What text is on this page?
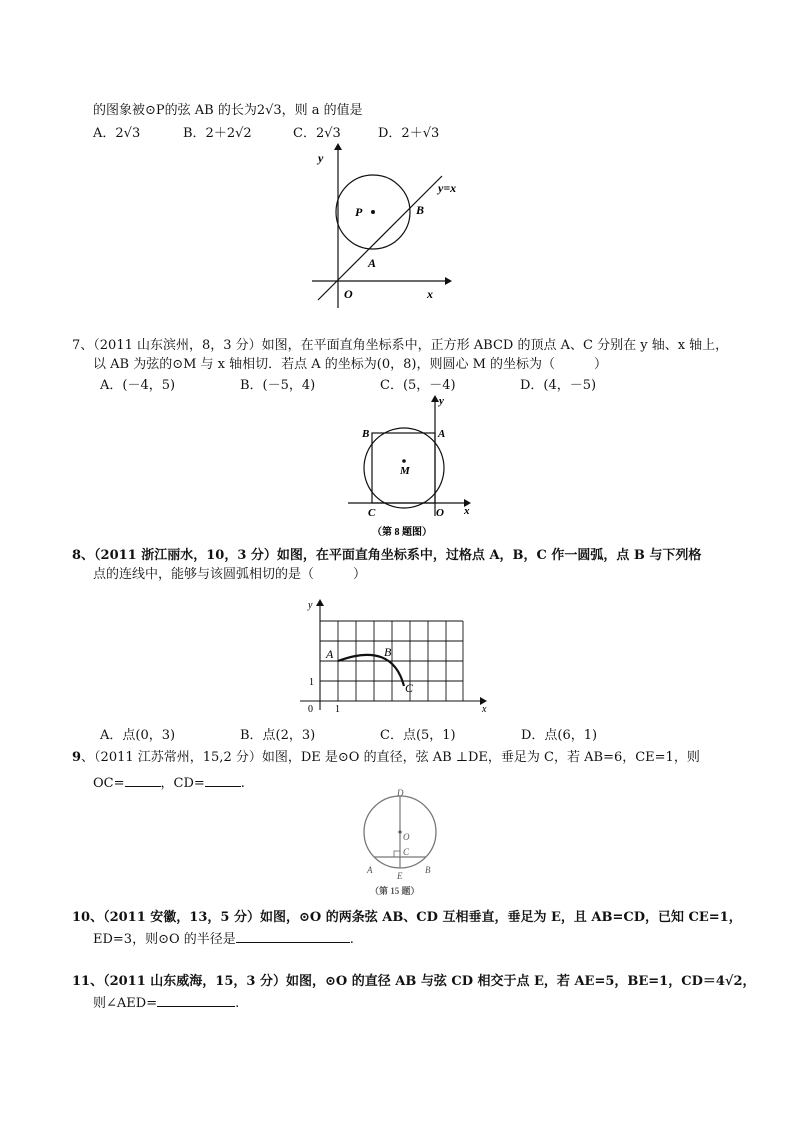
的图象被⊙P的弦 AB 的长为2√3，则 a 的值是
A．2√3	B．2＋2√2	C．2√3	D．2＋√3
y
x
O
P
A
B
y=x
7、（2011 山东滨州，8，3 分）如图，在平面直角坐标系中，正方形 ABCD 的顶点 A、C 分别在 y 轴、x 轴上，
以 AB 为弦的⊙M 与 x 轴相切．若点 A 的坐标为(0，8)，则圆心 M 的坐标为（　　　）
A．(－4，5)	B．(－5，4)	C．(5，－4)	D．(4，－5)
y
x
A
B
C	O
M
（第 8 题图）
8、（2011 浙江丽水，10，3 分）如图，在平面直角坐标系中，过格点 A，B，C 作一圆弧，点 B 与下列格
点的连线中，能够与该圆弧相切的是（　　　）
y
x
0 1
1
A	B
C
A．点(0，3)	B．点(2，3)	C．点(5，1)	D．点(6，1)
9、（2011 江苏常州，15,2 分）如图，DE 是⊙O 的直径，弦 AB ⊥DE，垂足为 C，若 AB=6，CE=1，则
OC=	，CD=	.
D
O
C
A	B
E
（第 15 题）
10、（2011 安徽，13，5 分）如图，⊙O 的两条弦 AB、CD 互相垂直，垂足为 E，且 AB=CD，已知 CE=1，
ED=3，则⊙O 的半径是	.
11、（2011 山东威海，15，3 分）如图，⊙O 的直径 AB 与弦 CD 相交于点 E，若 AE=5，BE=1，CD＝4√2，
则∠AED=	.
